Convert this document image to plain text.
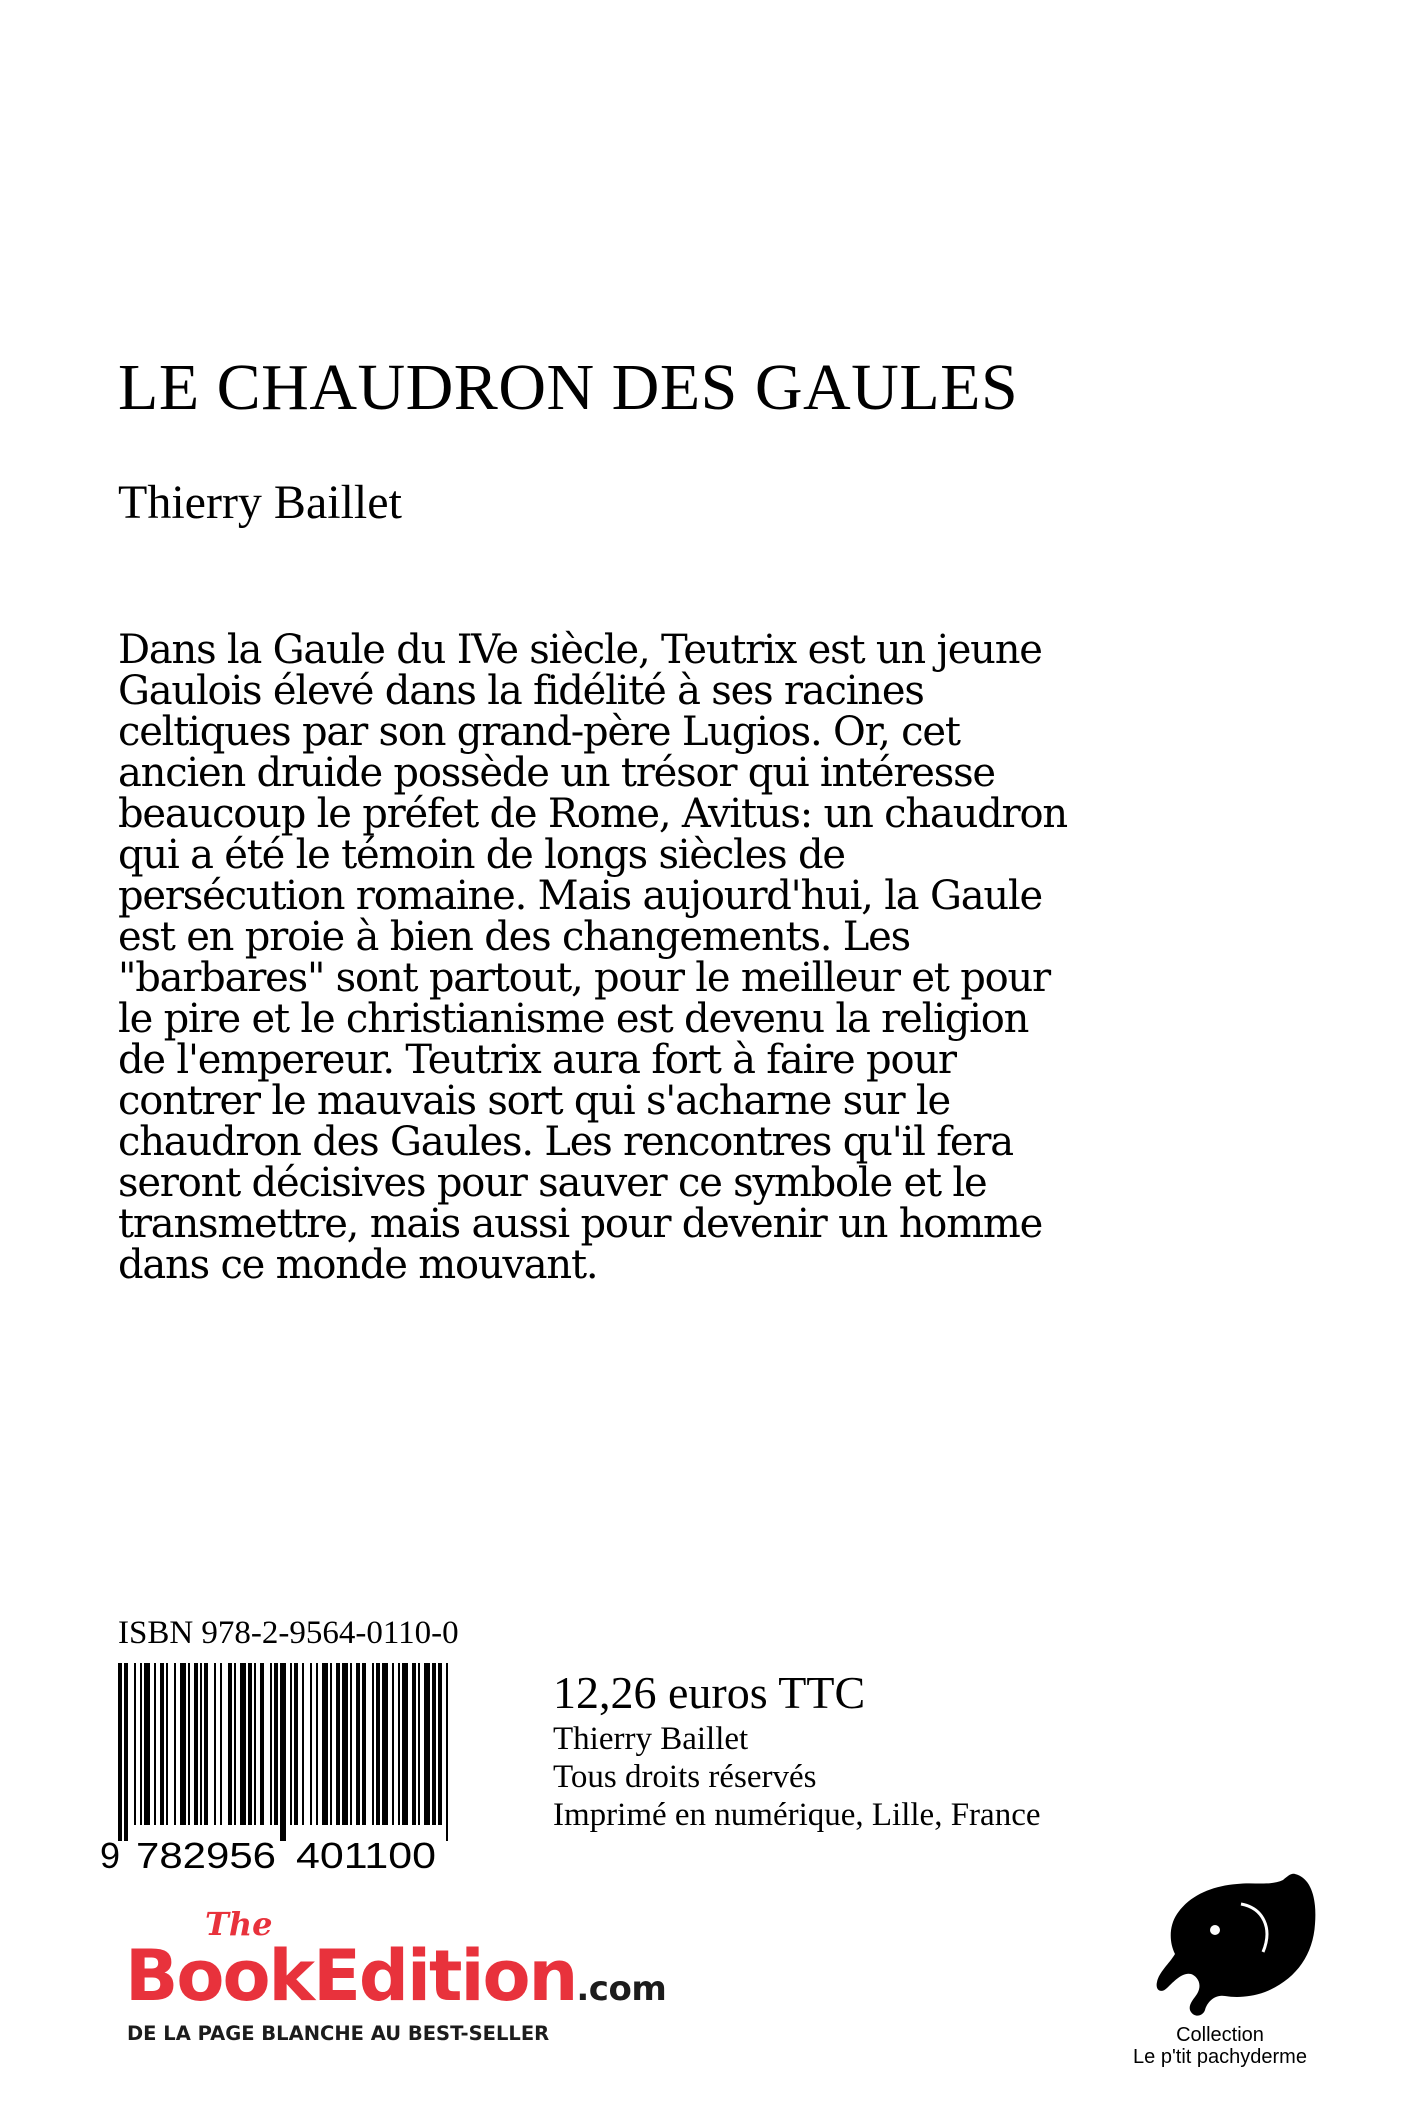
LE CHAUDRON DES GAULES

Thierry Baillet

Dans la Gaule du IVe siècle, Teutrix est un jeune Gaulois élevé dans la fidélité à ses racines celtiques par son grand-père Lugios. Or, cet ancien druide possède un trésor qui intéresse beaucoup le préfet de Rome, Avitus: un chaudron qui a été le témoin de longs siècles de persécution romaine. Mais aujourd'hui, la Gaule est en proie à bien des changements. Les "barbares" sont partout, pour le meilleur et pour le pire et le christianisme est devenu la religion de l'empereur. Teutrix aura fort à faire pour contrer le mauvais sort qui s'acharne sur le chaudron des Gaules. Les rencontres qu'il fera seront décisives pour sauver ce symbole et le transmettre, mais aussi pour devenir un homme dans ce monde mouvant.

ISBN 978-2-9564-0110-0
9 782956 401100
12,26 euros TTC
Thierry Baillet
Tous droits réservés
Imprimé en numérique, Lille, France
The
BookEdition.com
DE LA PAGE BLANCHE AU BEST-SELLER	Collection
Le p'tit pachyderme
